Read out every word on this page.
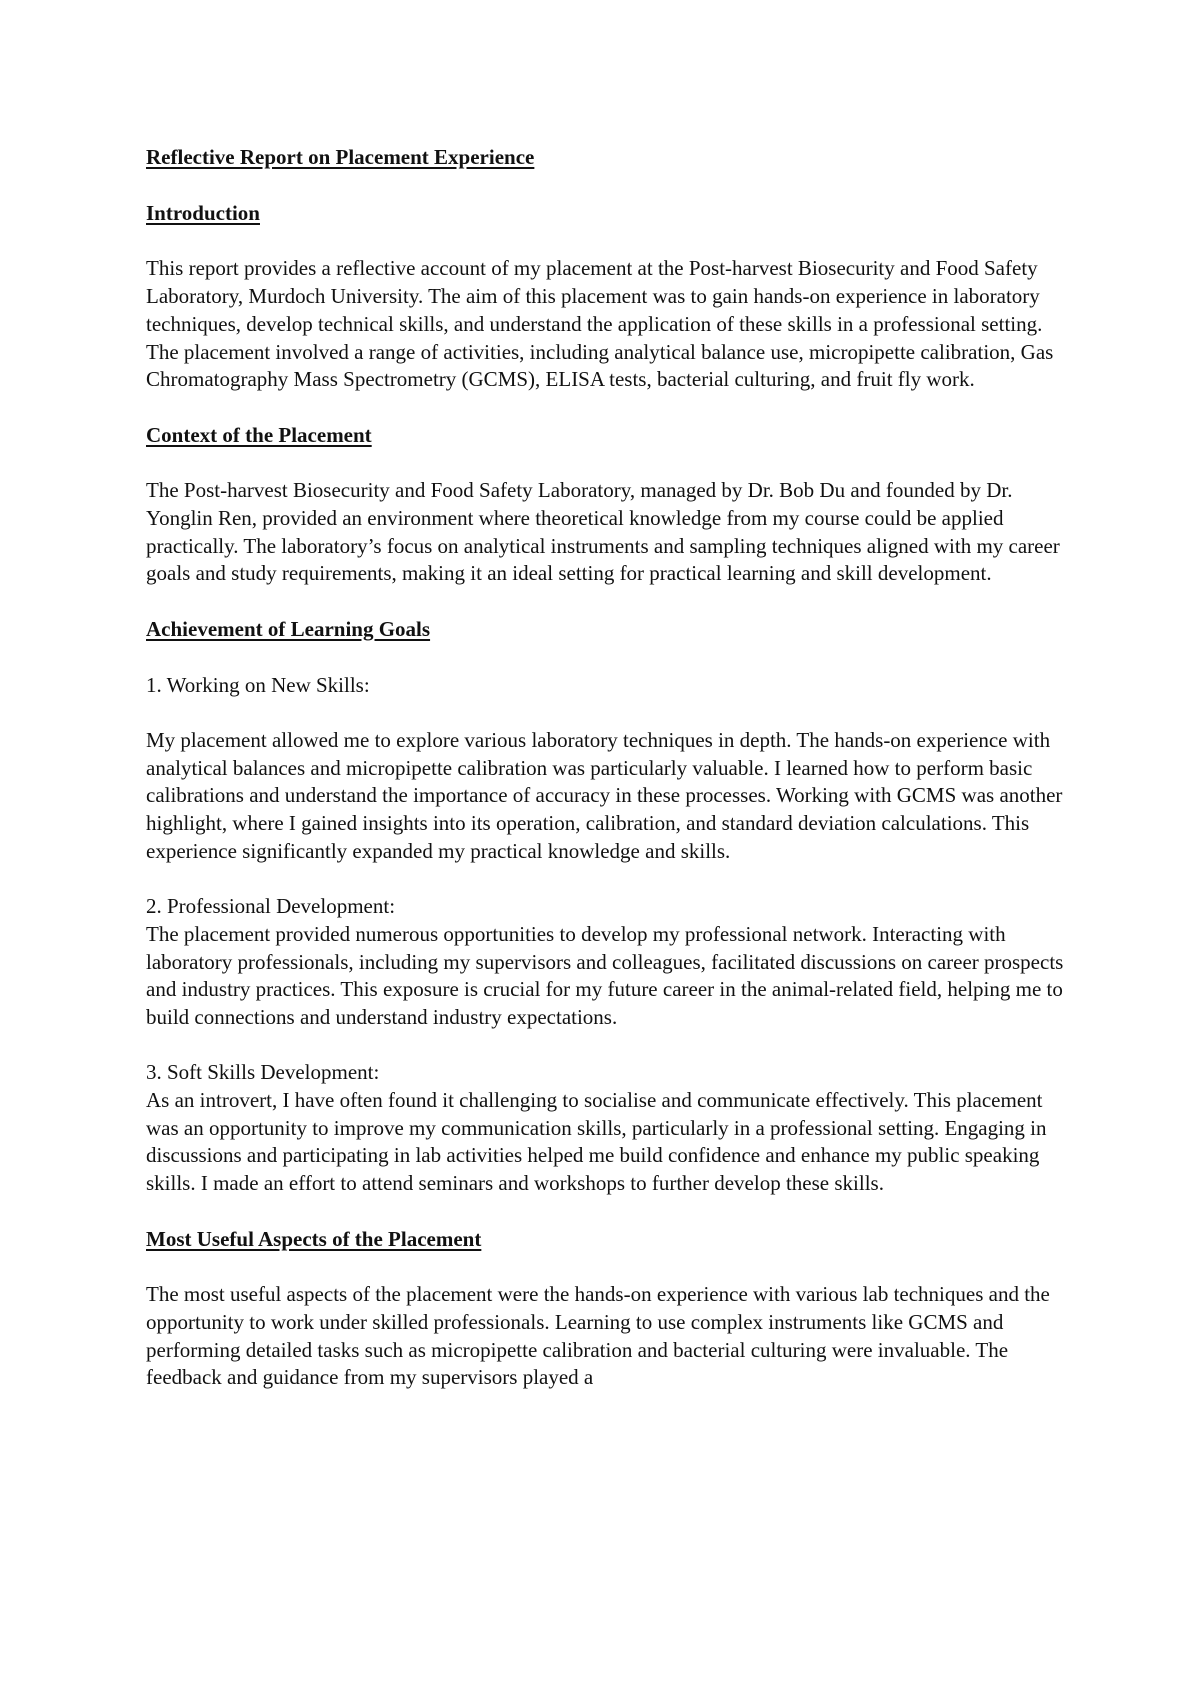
Reflective Report on Placement Experience
Introduction

This report provides a reflective account of my placement at the Post-harvest Biosecurity and Food Safety Laboratory, Murdoch University. The aim of this placement was to gain hands-on experience in laboratory techniques, develop technical skills, and understand the application of these skills in a professional setting. The placement involved a range of activities, including analytical balance use, micropipette calibration, Gas Chromatography Mass Spectrometry (GCMS), ELISA tests, bacterial culturing, and fruit fly work.

Context of the Placement

The Post-harvest Biosecurity and Food Safety Laboratory, managed by Dr. Bob Du and founded by Dr. Yonglin Ren, provided an environment where theoretical knowledge from my course could be applied practically. The laboratory’s focus on analytical instruments and sampling techniques aligned with my career goals and study requirements, making it an ideal setting for practical learning and skill development.

Achievement of Learning Goals
1. Working on New Skills:

My placement allowed me to explore various laboratory techniques in depth. The hands-on experience with analytical balances and micropipette calibration was particularly valuable. I learned how to perform basic calibrations and understand the importance of accuracy in these processes. Working with GCMS was another highlight, where I gained insights into its operation, calibration, and standard deviation calculations. This experience significantly expanded my practical knowledge and skills.

2. Professional Development:

The placement provided numerous opportunities to develop my professional network. Interacting with laboratory professionals, including my supervisors and colleagues, facilitated discussions on career prospects and industry practices. This exposure is crucial for my future career in the animal-related field, helping me to build connections and understand industry expectations.

3. Soft Skills Development:

As an introvert, I have often found it challenging to socialise and communicate effectively. This placement was an opportunity to improve my communication skills, particularly in a professional setting. Engaging in discussions and participating in lab activities helped me build confidence and enhance my public speaking skills. I made an effort to attend seminars and workshops to further develop these skills.

Most Useful Aspects of the Placement

The most useful aspects of the placement were the hands-on experience with various lab techniques and the opportunity to work under skilled professionals. Learning to use complex instruments like GCMS and performing detailed tasks such as micropipette calibration and bacterial culturing were invaluable. The feedback and guidance from my supervisors played a
